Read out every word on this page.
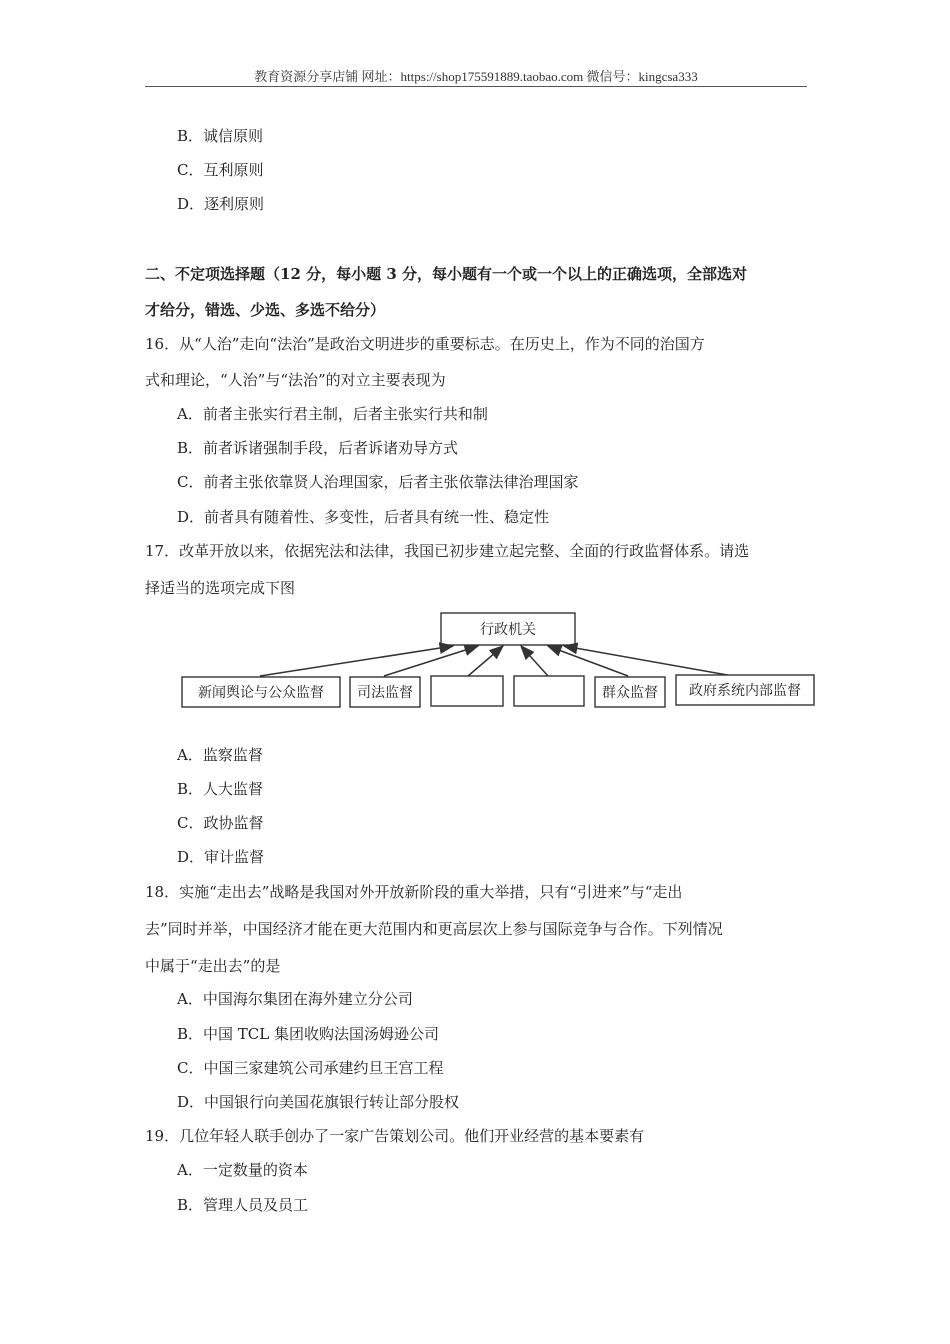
教育资源分享店铺 网址：https://shop175591889.taobao.com 微信号：kingcsa333
B．诚信原则
C．互利原则
D．逐利原则
二、不定项选择题（12 分，每小题 3 分，每小题有一个或一个以上的正确选项，全部选对
才给分，错选、少选、多选不给分）
16．从“人治”走向“法治”是政治文明进步的重要标志。在历史上，作为不同的治国方
式和理论，“人治”与“法治”的对立主要表现为
A．前者主张实行君主制，后者主张实行共和制
B．前者诉诸强制手段，后者诉诸劝导方式
C．前者主张依靠贤人治理国家，后者主张依靠法律治理国家
D．前者具有随着性、多变性，后者具有统一性、稳定性
17．改革开放以来，依据宪法和法律，我国已初步建立起完整、全面的行政监督体系。请选
择适当的选项完成下图
行政机关
新闻舆论与公众监督 司法监督	群众监督 政府系统内部监督
A．监察监督
B．人大监督
C．政协监督
D．审计监督
18．实施“走出去”战略是我国对外开放新阶段的重大举措，只有“引进来”与“走出
去”同时并举，中国经济才能在更大范围内和更高层次上参与国际竞争与合作。下列情况
中属于“走出去”的是
A．中国海尔集团在海外建立分公司
B．中国 TCL 集团收购法国汤姆逊公司
C．中国三家建筑公司承建约旦王宫工程
D．中国银行向美国花旗银行转让部分股权
19．几位年轻人联手创办了一家广告策划公司。他们开业经营的基本要素有
A．一定数量的资本
B．管理人员及员工
